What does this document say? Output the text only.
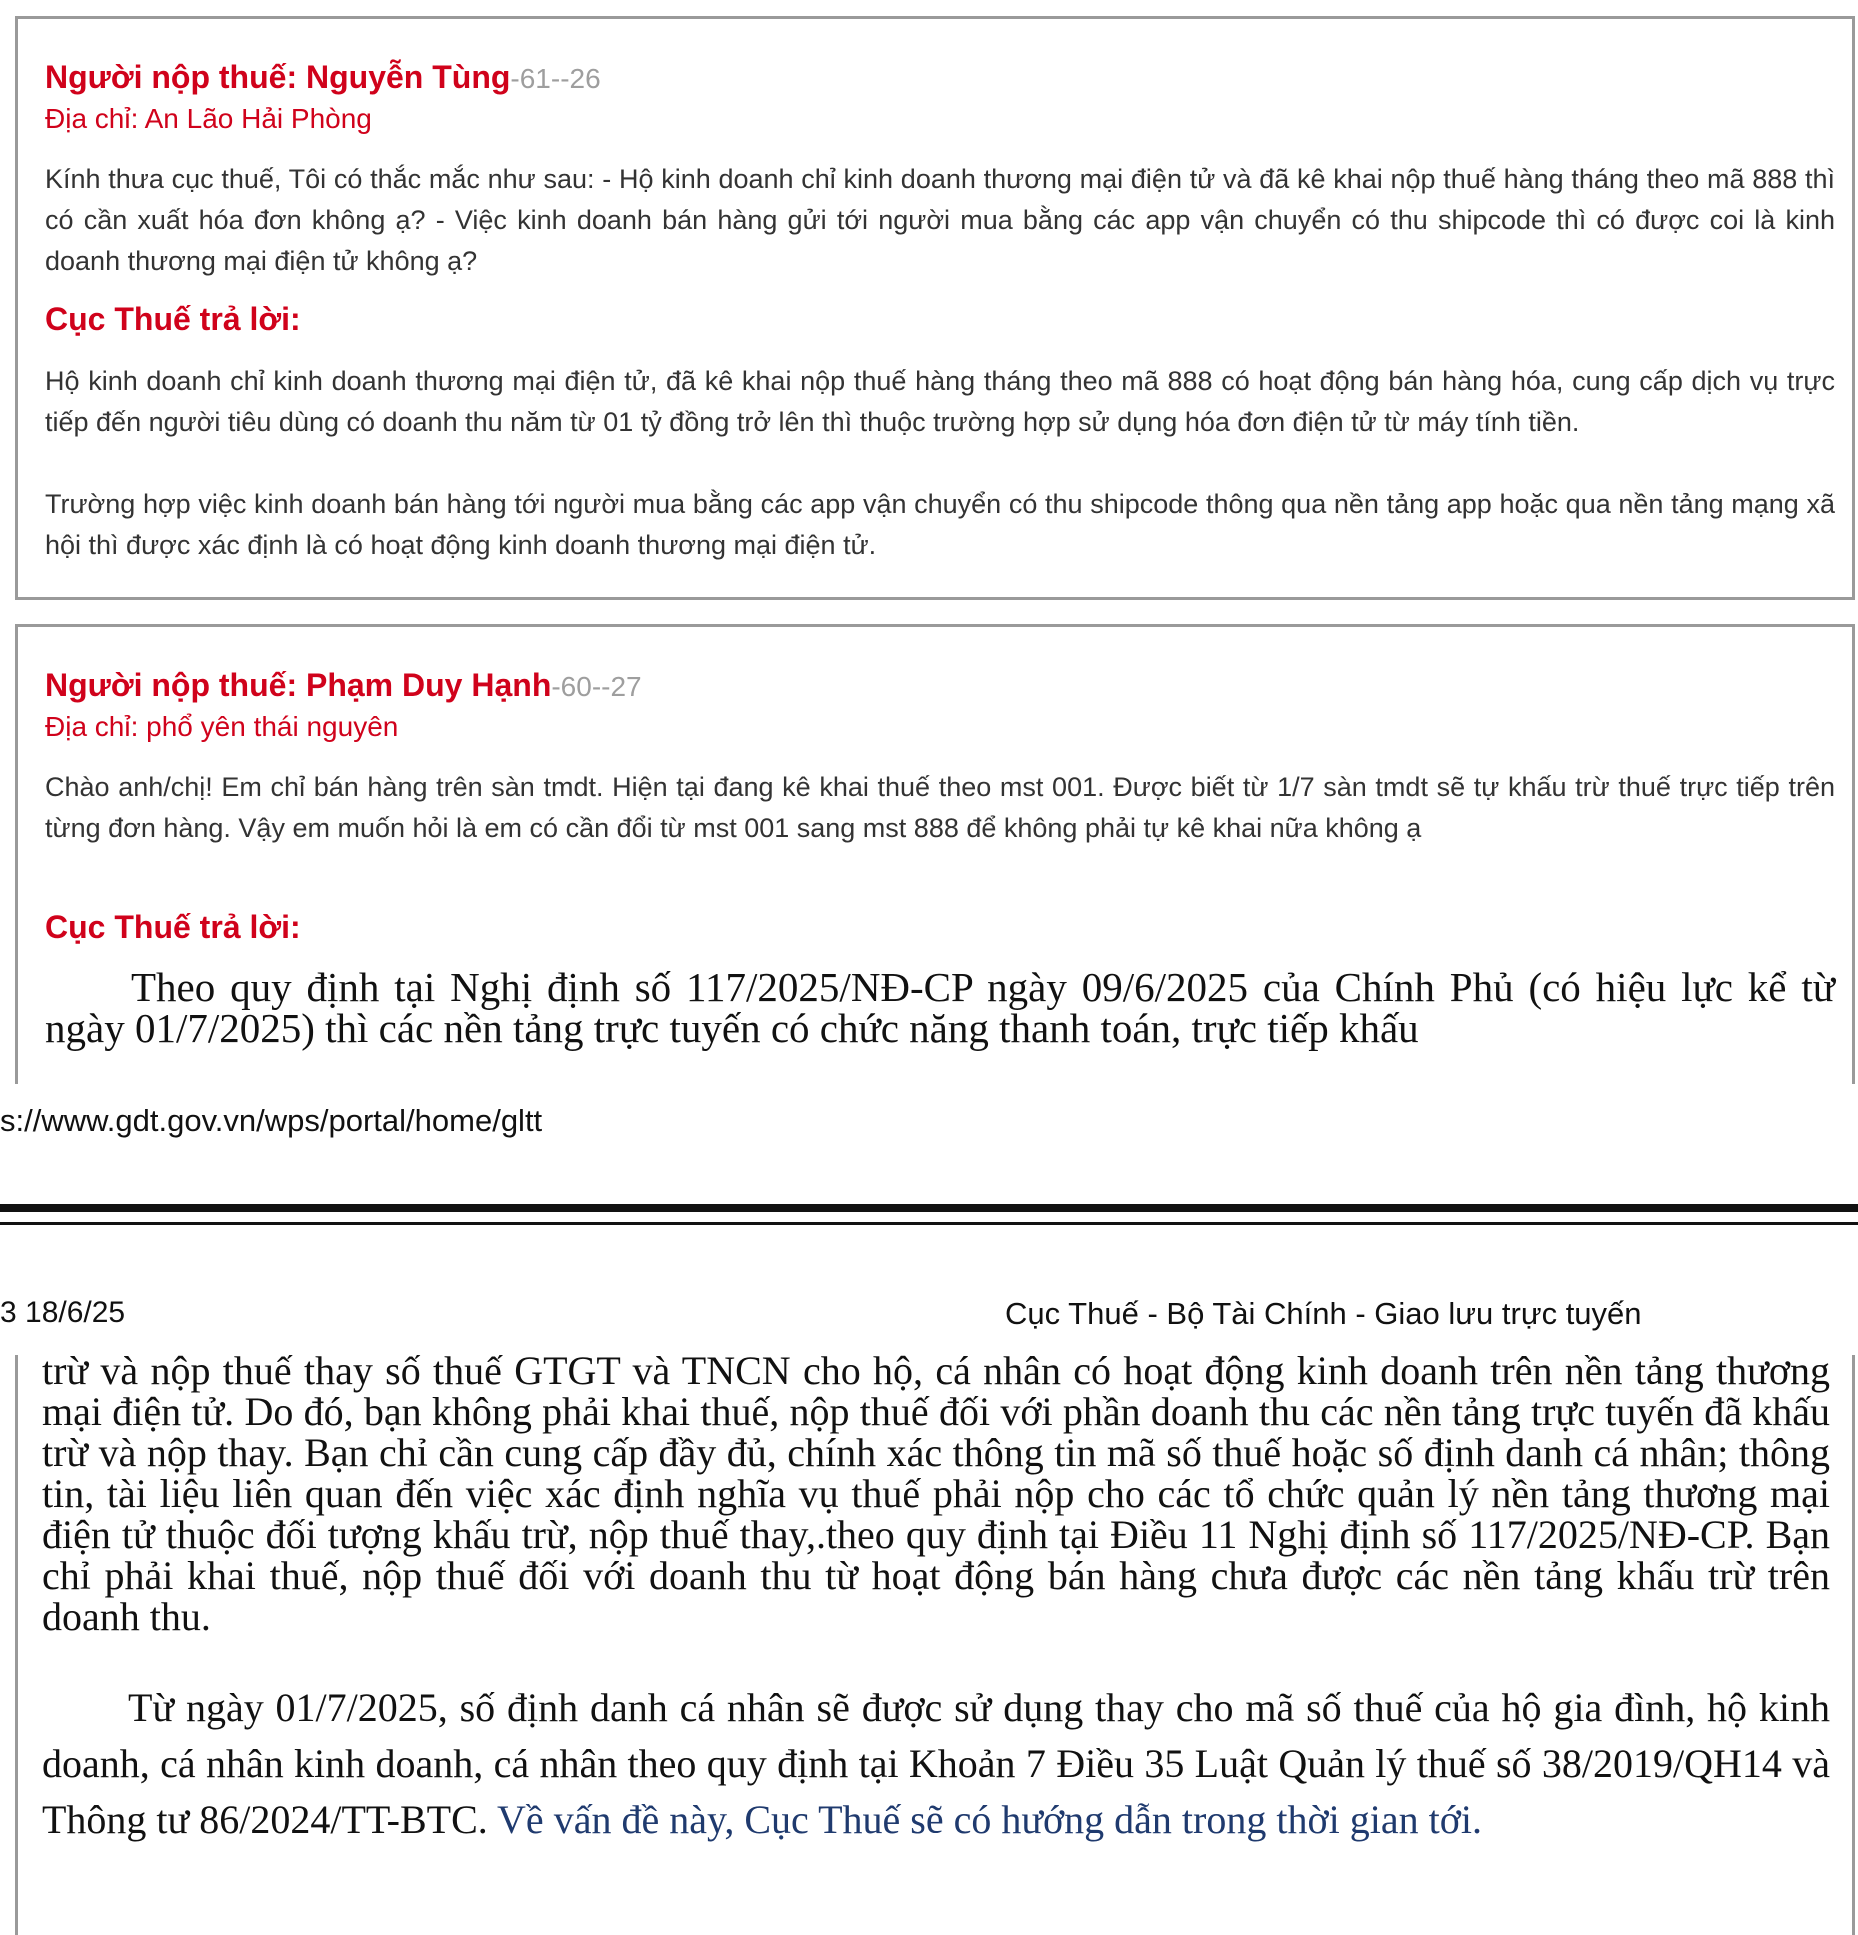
Người nộp thuế: Nguyễn Tùng-61--26
Địa chỉ: An Lão Hải Phòng
Kính thưa cục thuế, Tôi có thắc mắc như sau: - Hộ kinh doanh chỉ kinh doanh thương mại điện tử và đã kê khai nộp thuế hàng tháng theo mã 888 thì có cần xuất hóa đơn không ạ? - Việc kinh doanh bán hàng gửi tới người mua bằng các app vận chuyển có thu shipcode thì có được coi là kinh doanh thương mại điện tử không ạ?
Cục Thuế trả lời:
Hộ kinh doanh chỉ kinh doanh thương mại điện tử, đã kê khai nộp thuế hàng tháng theo mã 888 có hoạt động bán hàng hóa, cung cấp dịch vụ trực tiếp đến người tiêu dùng có doanh thu năm từ 01 tỷ đồng trở lên thì thuộc trường hợp sử dụng hóa đơn điện tử từ máy tính tiền.
Trường hợp việc kinh doanh bán hàng tới người mua bằng các app vận chuyển có thu shipcode thông qua nền tảng app hoặc qua nền tảng mạng xã hội thì được xác định là có hoạt động kinh doanh thương mại điện tử.
Người nộp thuế: Phạm Duy Hạnh-60--27
Địa chỉ: phổ yên thái nguyên
Chào anh/chị! Em chỉ bán hàng trên sàn tmdt. Hiện tại đang kê khai thuế theo mst 001. Được biết từ 1/7 sàn tmdt sẽ tự khấu trừ thuế trực tiếp trên từng đơn hàng. Vậy em muốn hỏi là em có cần đổi từ mst 001 sang mst 888 để không phải tự kê khai nữa không ạ
Cục Thuế trả lời:
Theo quy định tại Nghị định số 117/2025/NĐ-CP ngày 09/6/2025 của Chính Phủ (có hiệu lực kể từ ngày 01/7/2025) thì các nền tảng trực tuyến có chức năng thanh toán, trực tiếp khấu
s://www.gdt.gov.vn/wps/portal/home/gltt
3 18/6/25	Cục Thuế - Bộ Tài Chính - Giao lưu trực tuyến
trừ và nộp thuế thay số thuế GTGT và TNCN cho hộ, cá nhân có hoạt động kinh doanh trên nền tảng thương mại điện tử. Do đó, bạn không phải khai thuế, nộp thuế đối với phần doanh thu các nền tảng trực tuyến đã khấu trừ và nộp thay. Bạn chỉ cần cung cấp đầy đủ, chính xác thông tin mã số thuế hoặc số định danh cá nhân; thông tin, tài liệu liên quan đến việc xác định nghĩa vụ thuế phải nộp cho các tổ chức quản lý nền tảng thương mại điện tử thuộc đối tượng khấu trừ, nộp thuế thay,.theo quy định tại Điều 11 Nghị định số 117/2025/NĐ-CP. Bạn chỉ phải khai thuế, nộp thuế đối với doanh thu từ hoạt động bán hàng chưa được các nền tảng khấu trừ trên doanh thu.
Từ ngày 01/7/2025, số định danh cá nhân sẽ được sử dụng thay cho mã số thuế của hộ gia đình, hộ kinh doanh, cá nhân kinh doanh, cá nhân theo quy định tại Khoản 7 Điều 35 Luật Quản lý thuế số 38/2019/QH14 và Thông tư 86/2024/TT-BTC. Về vấn đề này, Cục Thuế sẽ có hướng dẫn trong thời gian tới.
